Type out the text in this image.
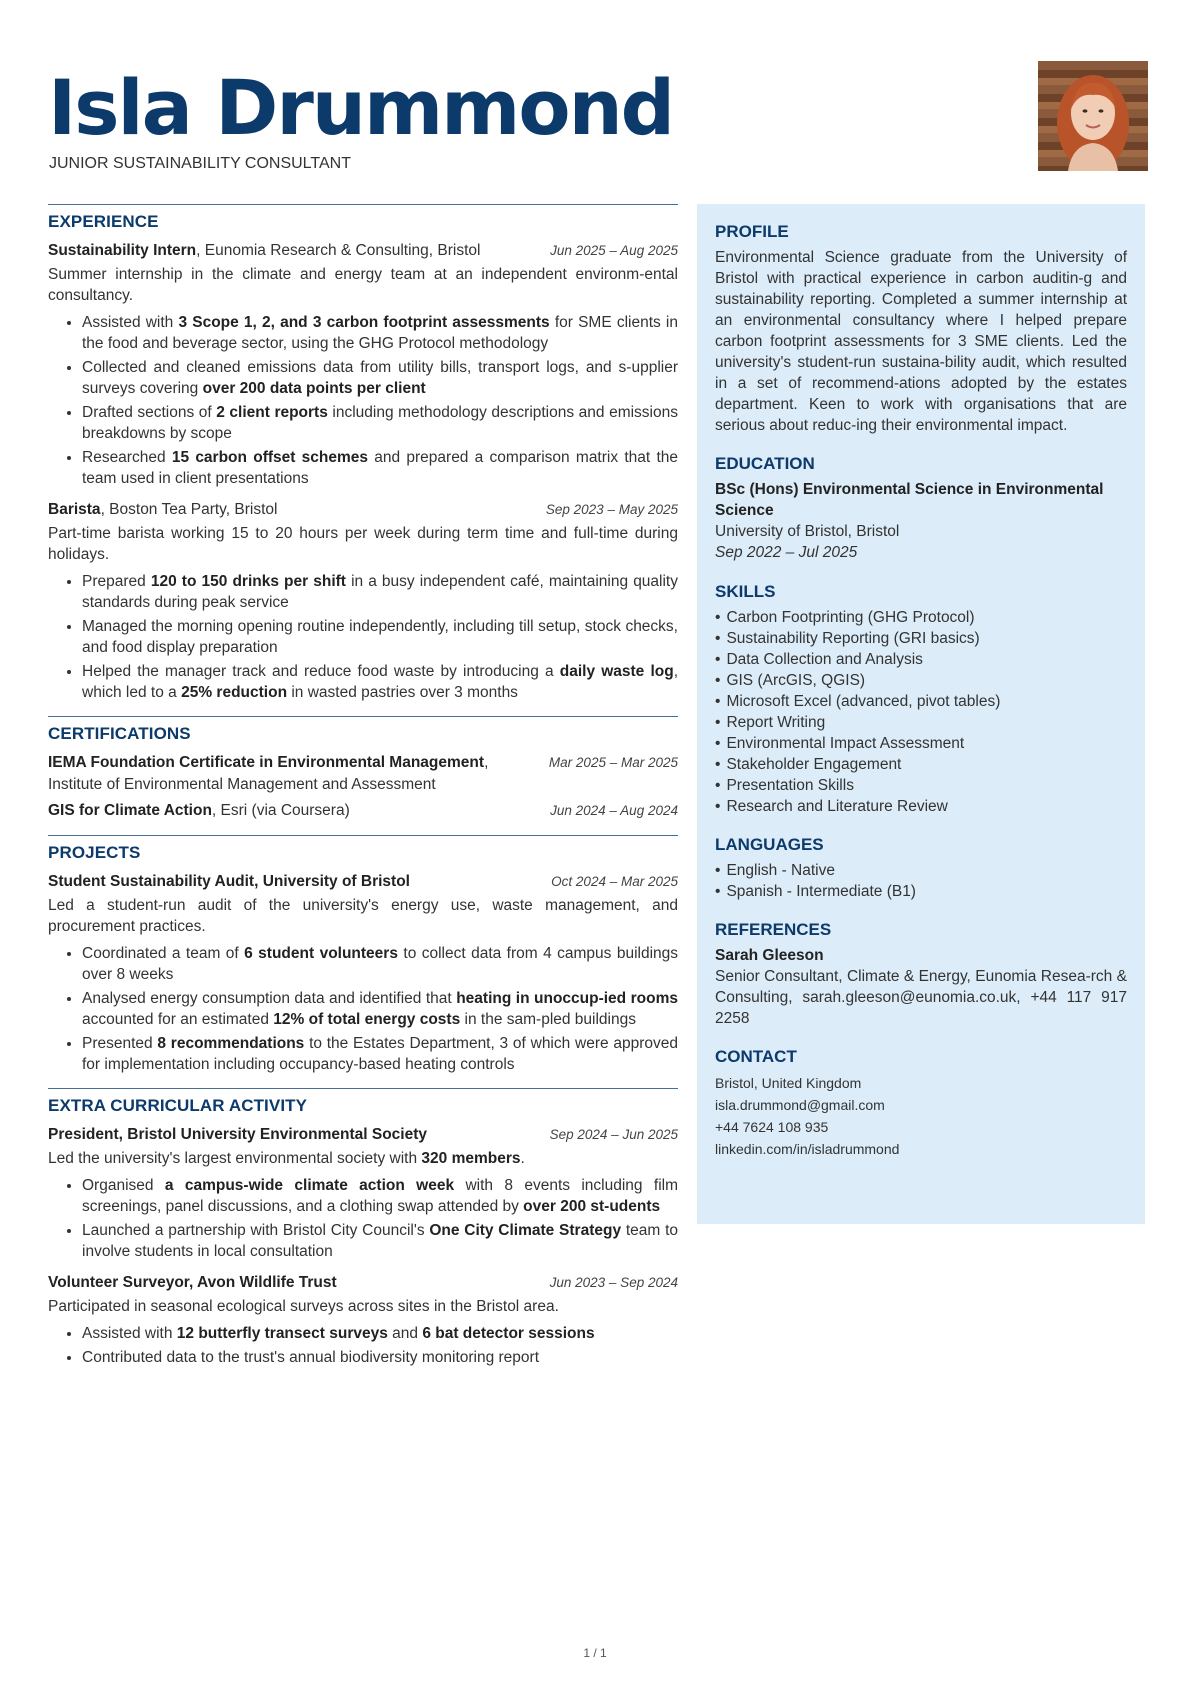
Isla Drummond
JUNIOR SUSTAINABILITY CONSULTANT
EXPERIENCE
Sustainability Intern, Eunomia Research & Consulting, Bristol	Jun 2025 – Aug 2025
Summer internship in the climate and energy team at an independent environm-ental consultancy.
• Assisted with 3 Scope 1, 2, and 3 carbon footprint assessments for SME clients in the food and beverage sector, using the GHG Protocol methodology
• Collected and cleaned emissions data from utility bills, transport logs, and s-upplier surveys covering over 200 data points per client
• Drafted sections of 2 client reports including methodology descriptions and emissions breakdowns by scope
• Researched 15 carbon offset schemes and prepared a comparison matrix that the team used in client presentations
Barista, Boston Tea Party, Bristol	Sep 2023 – May 2025
Part-time barista working 15 to 20 hours per week during term time and full-time during holidays.
• Prepared 120 to 150 drinks per shift in a busy independent café, maintaining quality standards during peak service
• Managed the morning opening routine independently, including till setup, stock checks, and food display preparation
• Helped the manager track and reduce food waste by introducing a daily waste log, which led to a 25% reduction in wasted pastries over 3 months
CERTIFICATIONS
IEMA Foundation Certificate in Environmental Management,	Mar 2025 – Mar 2025
Institute of Environmental Management and Assessment
GIS for Climate Action, Esri (via Coursera)	Jun 2024 – Aug 2024
PROJECTS
Student Sustainability Audit, University of Bristol	Oct 2024 – Mar 2025
Led a student-run audit of the university's energy use, waste management, and procurement practices.
• Coordinated a team of 6 student volunteers to collect data from 4 campus buildings over 8 weeks
• Analysed energy consumption data and identified that heating in unoccup-ied rooms accounted for an estimated 12% of total energy costs in the sam-pled buildings
• Presented 8 recommendations to the Estates Department, 3 of which were approved for implementation including occupancy-based heating controls
EXTRA CURRICULAR ACTIVITY
President, Bristol University Environmental Society	Sep 2024 – Jun 2025
Led the university's largest environmental society with 320 members.
• Organised a campus-wide climate action week with 8 events including film screenings, panel discussions, and a clothing swap attended by over 200 st-udents
• Launched a partnership with Bristol City Council's One City Climate Strategy team to involve students in local consultation
Volunteer Surveyor, Avon Wildlife Trust	Jun 2023 – Sep 2024
Participated in seasonal ecological surveys across sites in the Bristol area.
• Assisted with 12 butterfly transect surveys and 6 bat detector sessions
• Contributed data to the trust's annual biodiversity monitoring report
PROFILE
Environmental Science graduate from the University of Bristol with practical experience in carbon auditin-g and sustainability reporting. Completed a summer internship at an environmental consultancy where I helped prepare carbon footprint assessments for 3 SME clients. Led the university's student-run sustaina-bility audit, which resulted in a set of recommend-ations adopted by the estates department. Keen to work with organisations that are serious about reduc-ing their environmental impact.
EDUCATION
BSc (Hons) Environmental Science in Environmental Science
University of Bristol, Bristol
Sep 2022 – Jul 2025
SKILLS
• Carbon Footprinting (GHG Protocol)
• Sustainability Reporting (GRI basics)
• Data Collection and Analysis
• GIS (ArcGIS, QGIS)
• Microsoft Excel (advanced, pivot tables)
• Report Writing
• Environmental Impact Assessment
• Stakeholder Engagement
• Presentation Skills
• Research and Literature Review
LANGUAGES
• English - Native
• Spanish - Intermediate (B1)
REFERENCES
Sarah Gleeson
Senior Consultant, Climate & Energy, Eunomia Resea-rch & Consulting, sarah.gleeson@eunomia.co.uk, +44 117 917 2258
CONTACT
Bristol, United Kingdom
isla.drummond@gmail.com
+44 7624 108 935
linkedin.com/in/isladrummond
1 / 1
